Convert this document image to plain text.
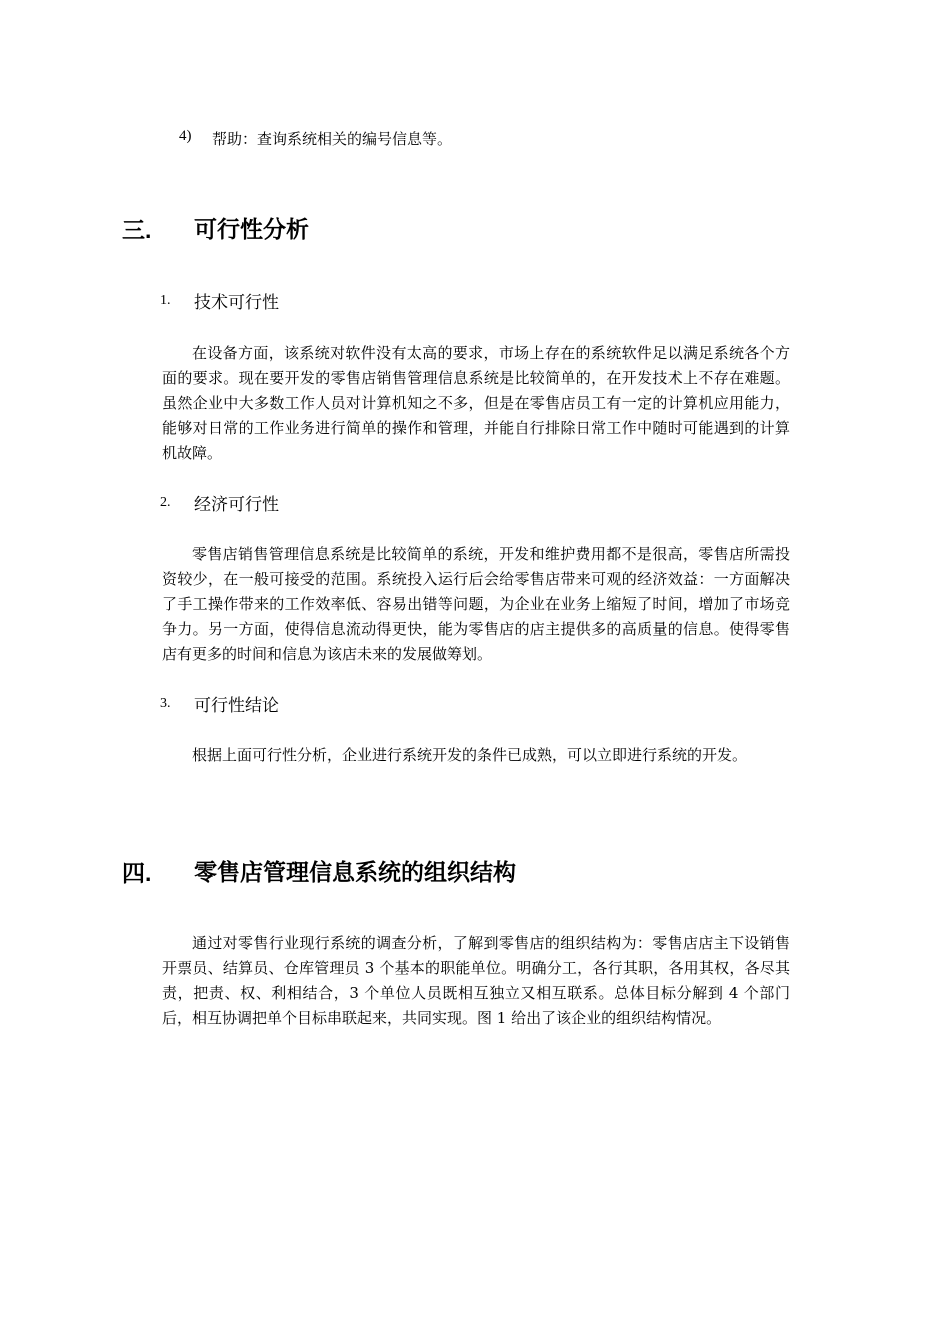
4) 帮助：查询系统相关的编号信息等。
三. 可行性分析
1. 技术可行性

在设备方面，该系统对软件没有太高的要求，市场上存在的系统软件足以满足系统各个方面的要求。现在要开发的零售店销售管理信息系统是比较简单的，在开发技术上不存在难题。虽然企业中大多数工作人员对计算机知之不多，但是在零售店员工有一定的计算机应用能力，能够对日常的工作业务进行简单的操作和管理，并能自行排除日常工作中随时可能遇到的计算机故障。

2. 经济可行性

零售店销售管理信息系统是比较简单的系统，开发和维护费用都不是很高，零售店所需投资较少，在一般可接受的范围。系统投入运行后会给零售店带来可观的经济效益：一方面解决了手工操作带来的工作效率低、容易出错等问题，为企业在业务上缩短了时间，增加了市场竞争力。另一方面，使得信息流动得更快，能为零售店的店主提供多的高质量的信息。使得零售店有更多的时间和信息为该店未来的发展做筹划。

3. 可行性结论

根据上面可行性分析，企业进行系统开发的条件已成熟，可以立即进行系统的开发。

四. 零售店管理信息系统的组织结构

通过对零售行业现行系统的调查分析，了解到零售店的组织结构为：零售店店主下设销售开票员、结算员、仓库管理员 3 个基本的职能单位。明确分工，各行其职，各用其权，各尽其责，把责、权、利相结合，3 个单位人员既相互独立又相互联系。总体目标分解到 4 个部门后，相互协调把单个目标串联起来，共同实现。图 1 给出了该企业的组织结构情况。
